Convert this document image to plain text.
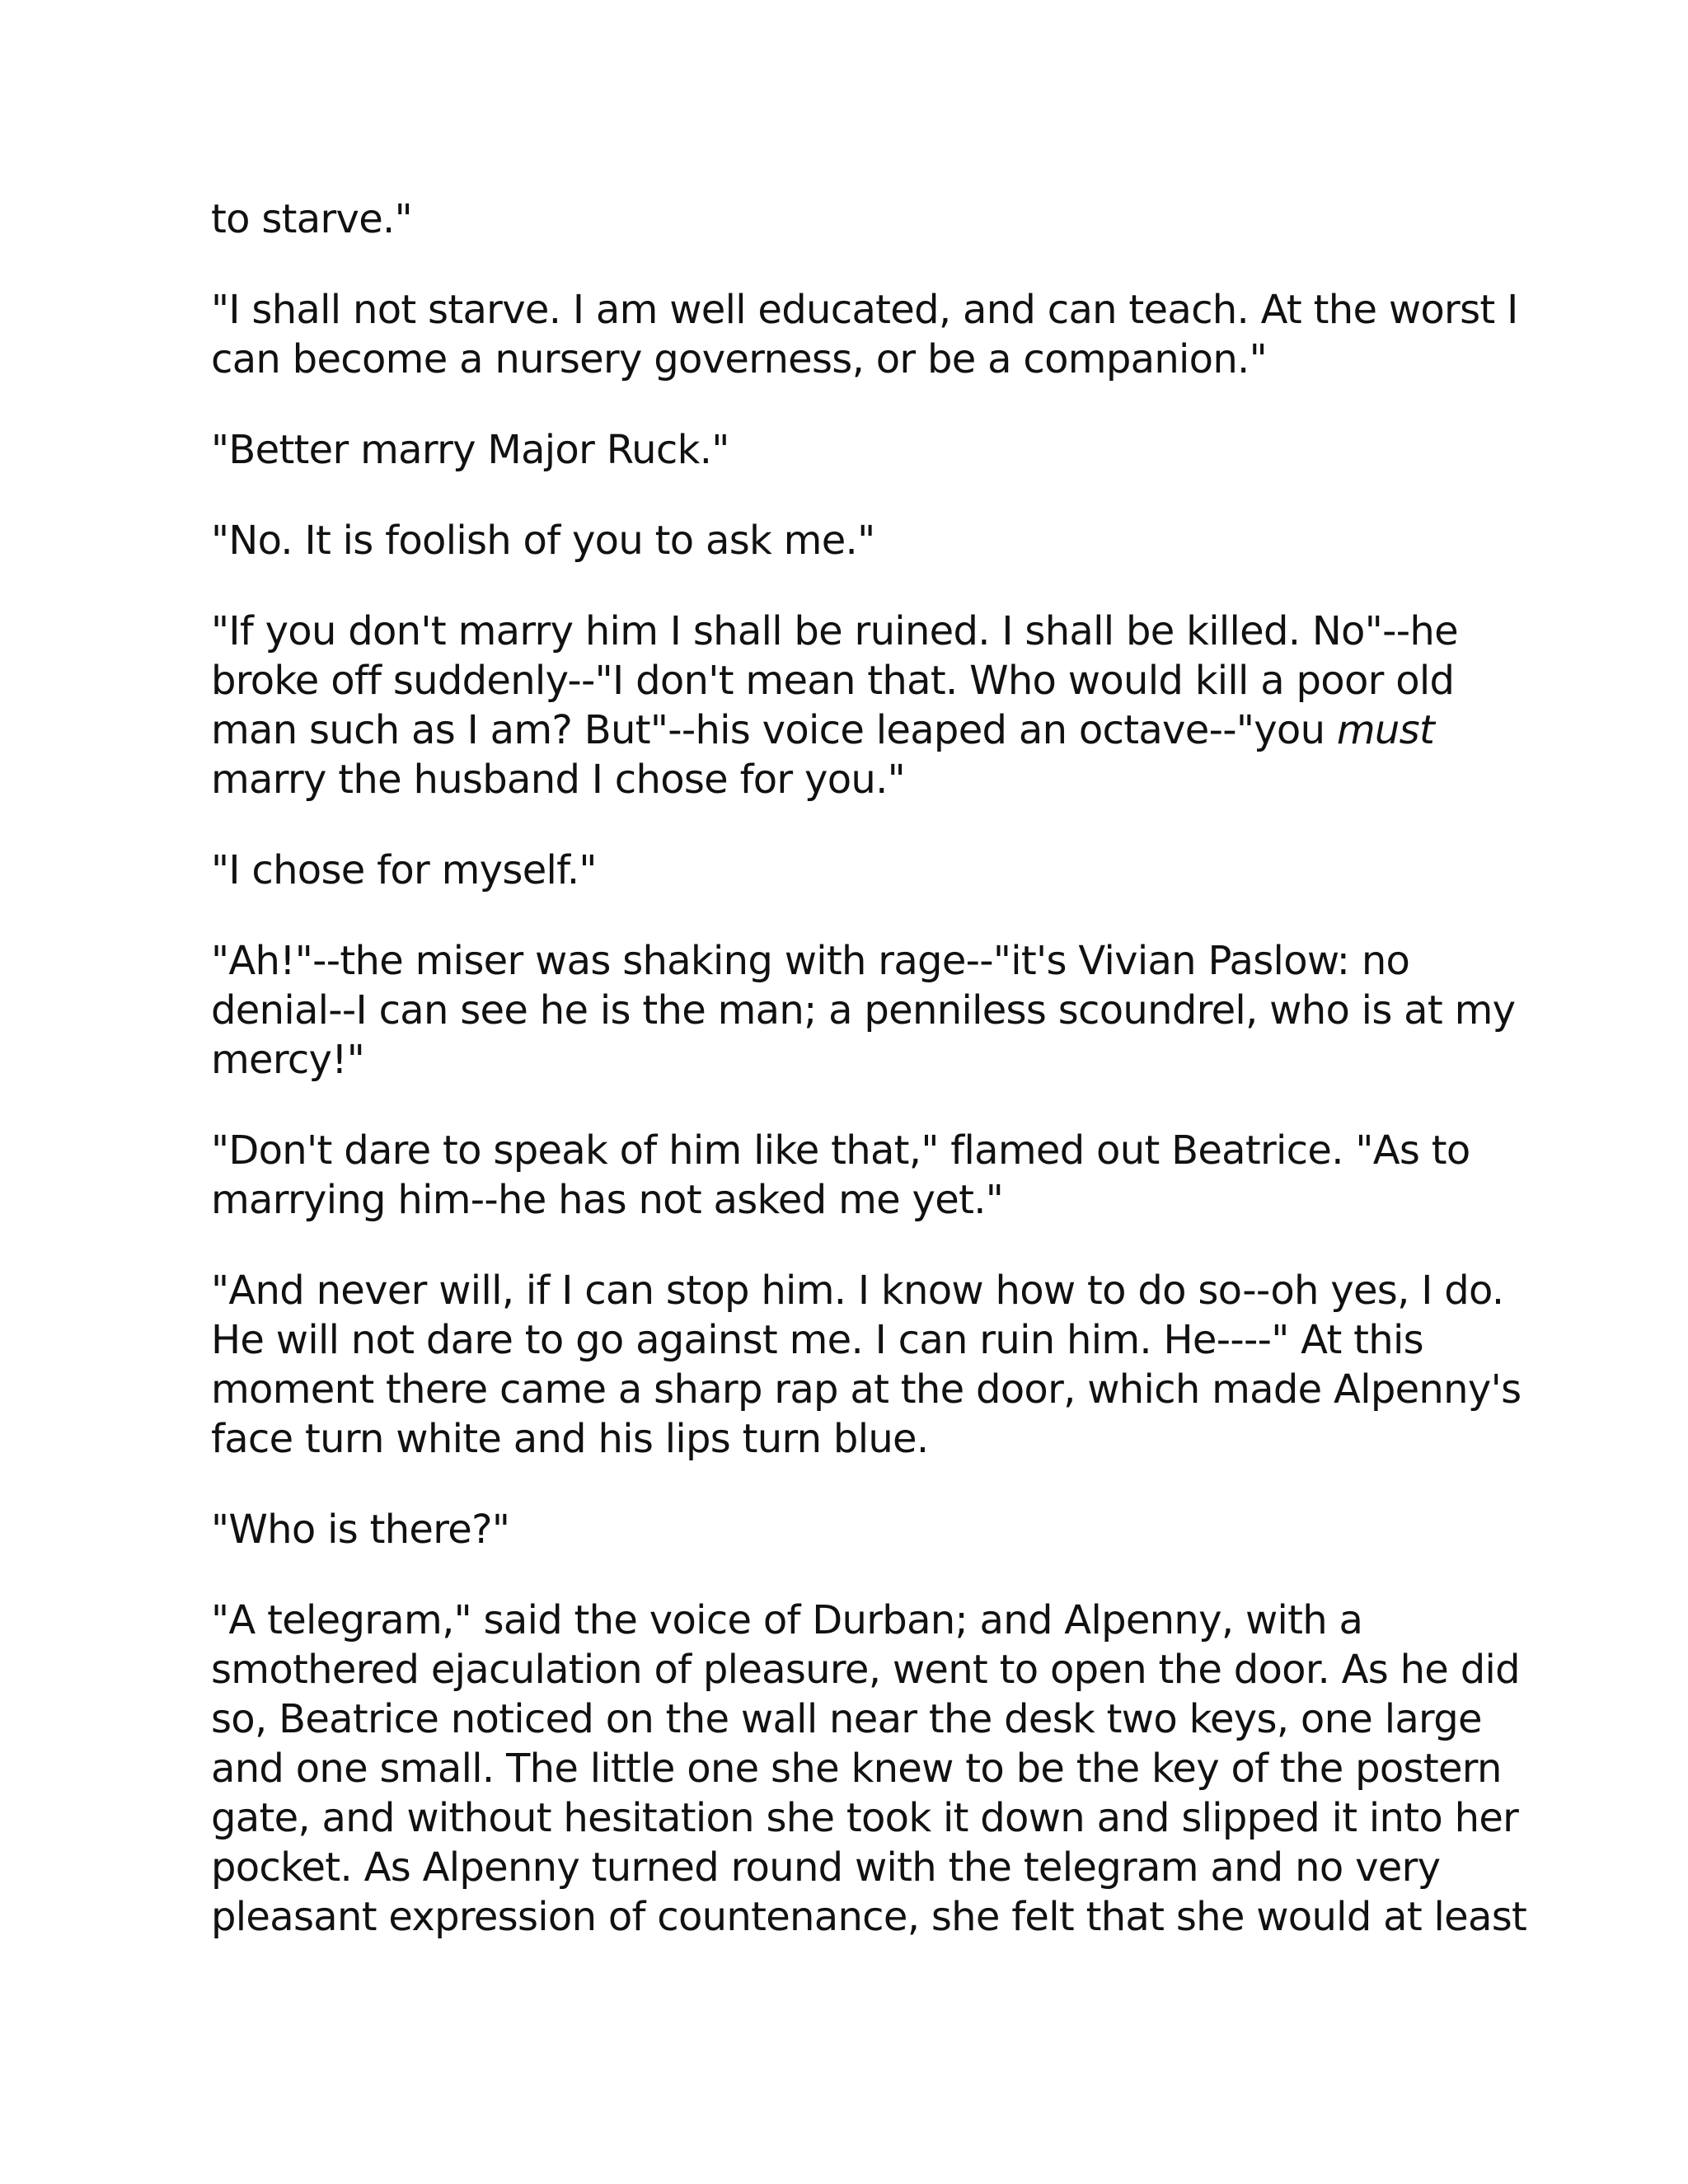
to starve."

"I shall not starve. I am well educated, and can teach. At the worst I
can become a nursery governess, or be a companion."

"Better marry Major Ruck."

"No. It is foolish of you to ask me."

"If you don't marry him I shall be ruined. I shall be killed. No"--he
broke off suddenly--"I don't mean that. Who would kill a poor old
man such as I am? But"--his voice leaped an octave--"you must
marry the husband I chose for you."

"I chose for myself."

"Ah!"--the miser was shaking with rage--"it's Vivian Paslow: no
denial--I can see he is the man; a penniless scoundrel, who is at my
mercy!"

"Don't dare to speak of him like that," flamed out Beatrice. "As to
marrying him--he has not asked me yet."

"And never will, if I can stop him. I know how to do so--oh yes, I do.
He will not dare to go against me. I can ruin him. He----" At this
moment there came a sharp rap at the door, which made Alpenny's
face turn white and his lips turn blue.

"Who is there?"

"A telegram," said the voice of Durban; and Alpenny, with a
smothered ejaculation of pleasure, went to open the door. As he did
so, Beatrice noticed on the wall near the desk two keys, one large
and one small. The little one she knew to be the key of the postern
gate, and without hesitation she took it down and slipped it into her
pocket. As Alpenny turned round with the telegram and no very
pleasant expression of countenance, she felt that she would at least
